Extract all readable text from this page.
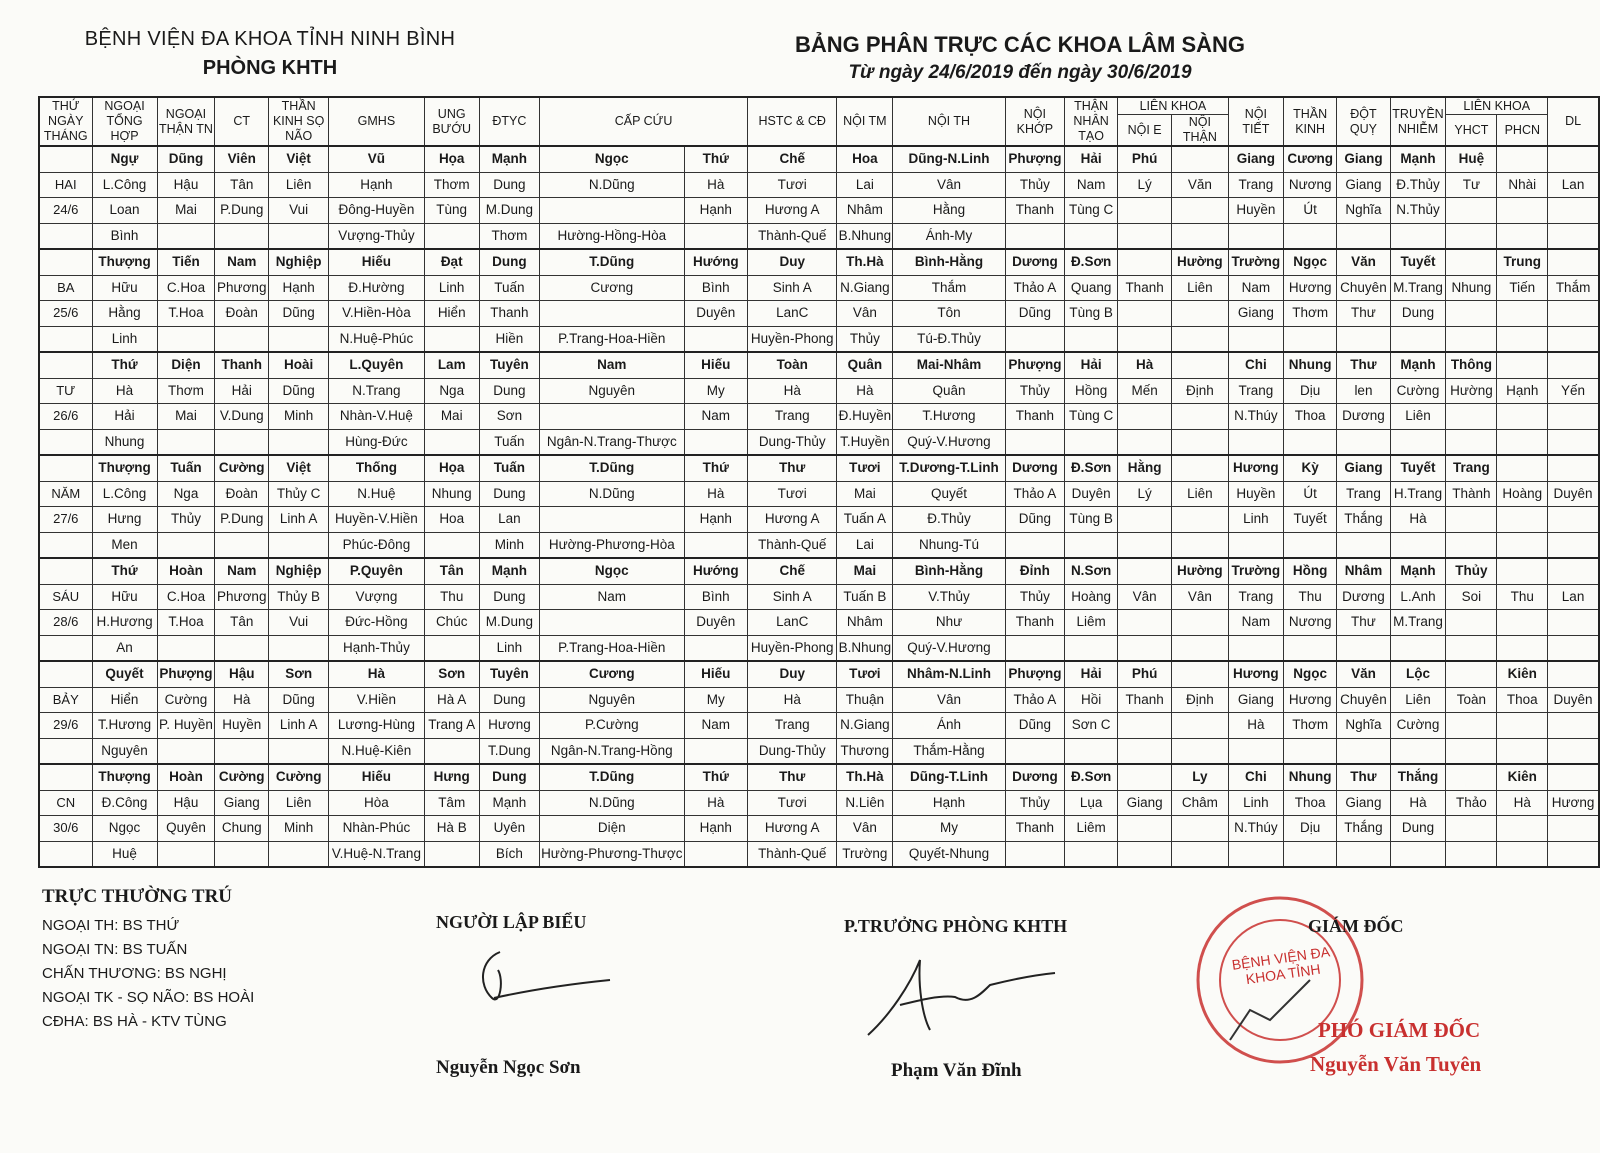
BỆNH VIỆN ĐA KHOA TỈNH NINH BÌNH
PHÒNG KHTH
BẢNG PHÂN TRỰC CÁC KHOA LÂM SÀNG
Từ ngày 24/6/2019 đến ngày 30/6/2019
THỨ NGÀY THÁNG	NGOẠI TỔNG HỢP	NGOẠI THẬN TN	CT	THẦN KINH SỌ NÃO	GMHS	UNG BƯỚU	ĐTYC	CẤP CỨU		HSTC & CĐ	NỘI TM	NỘI TH	NỘI KHỚP	THẬN NHÂN TẠO	LIÊN KHOA		NỘI TIẾT	THẦN KINH	ĐỘT QUỴ	TRUYỀN NHIỄM	LIÊN KHOA		DL
															NỘI E	NỘI THẬN					YHCT	PHCN	
	Ngự	Dũng	Viên	Việt	Vũ	Họa	Mạnh	Ngọc	Thứ	Chế	Hoa	Dũng-N.Linh	Phượng	Hải	Phú		Giang	Cương	Giang	Mạnh	Huệ		
HAI	L.Công	Hậu	Tân	Liên	Hạnh	Thơm	Dung	N.Dũng	Hà	Tươi	Lai	Vân	Thủy	Nam	Lý	Văn	Trang	Nương	Giang	Đ.Thủy	Tư	Nhài	Lan
24/6	Loan	Mai	P.Dung	Vui	Đông-Huyền	Tùng	M.Dung		Hạnh	Hương A	Nhâm	Hằng	Thanh	Tùng C			Huyền	Út	Nghĩa	N.Thủy			
	Bình				Vượng-Thủy		Thơm	Hường-Hồng-Hòa		Thành-Quế	B.Nhung	Ánh-My											
	Thượng	Tiến	Nam	Nghiệp	Hiếu	Đạt	Dung	T.Dũng	Hướng	Duy	Th.Hà	Bình-Hằng	Dương	Đ.Sơn		Hường	Trường	Ngọc	Văn	Tuyết		Trung	
BA	Hữu	C.Hoa	Phương	Hạnh	Đ.Hường	Linh	Tuấn	Cương	Bình	Sinh A	N.Giang	Thắm	Thảo A	Quang	Thanh	Liên	Nam	Hương	Chuyên	M.Trang	Nhung	Tiến	Thắm
25/6	Hằng	T.Hoa	Đoàn	Dũng	V.Hiền-Hòa	Hiển	Thanh		Duyên	LanC	Vân	Tôn	Dũng	Tùng B			Giang	Thơm	Thư	Dung			
	Linh				N.Huệ-Phúc		Hiền	P.Trang-Hoa-Hiền		Huyền-Phong	Thủy	Tú-Đ.Thủy											
	Thứ	Diện	Thanh	Hoài	L.Quyên	Lam	Tuyên	Nam	Hiếu	Toàn	Quân	Mai-Nhâm	Phượng	Hải	Hà		Chi	Nhung	Thư	Mạnh	Thông		
TƯ	Hà	Thơm	Hải	Dũng	N.Trang	Nga	Dung	Nguyên	My	Hà	Hà	Quân	Thủy	Hồng	Mến	Định	Trang	Dịu	len	Cường	Hường	Hạnh	Yến
26/6	Hải	Mai	V.Dung	Minh	Nhàn-V.Huệ	Mai	Sơn		Nam	Trang	Đ.Huyền	T.Hương	Thanh	Tùng C			N.Thúy	Thoa	Dương	Liên			
	Nhung				Hùng-Đức		Tuấn	Ngân-N.Trang-Thược		Dung-Thủy	T.Huyền	Quý-V.Hương											
	Thượng	Tuấn	Cường	Việt	Thống	Họa	Tuấn	T.Dũng	Thứ	Thư	Tươi	T.Dương-T.Linh	Dương	Đ.Sơn	Hằng		Hương	Kỳ	Giang	Tuyết	Trang		
NĂM	L.Công	Nga	Đoàn	Thủy C	N.Huệ	Nhung	Dung	N.Dũng	Hà	Tươi	Mai	Quyết	Thảo A	Duyên	Lý	Liên	Huyền	Út	Trang	H.Trang	Thành	Hoàng	Duyên
27/6	Hưng	Thủy	P.Dung	Linh A	Huyền-V.Hiền	Hoa	Lan		Hạnh	Hương A	Tuấn A	Đ.Thủy	Dũng	Tùng B			Linh	Tuyết	Thắng	Hà			
	Men				Phúc-Đông		Minh	Hường-Phương-Hòa		Thành-Quế	Lai	Nhung-Tú											
	Thứ	Hoàn	Nam	Nghiệp	P.Quyên	Tân	Mạnh	Ngọc	Hướng	Chế	Mai	Bình-Hằng	Đỉnh	N.Sơn		Hường	Trường	Hồng	Nhâm	Mạnh	Thủy		
SÁU	Hữu	C.Hoa	Phương	Thủy B	Vượng	Thu	Dung	Nam	Bình	Sinh A	Tuấn B	V.Thủy	Thủy	Hoàng	Vân	Vân	Trang	Thu	Dương	L.Anh	Soi	Thu	Lan
28/6	H.Hương	T.Hoa	Tân	Vui	Đức-Hồng	Chúc	M.Dung		Duyên	LanC	Nhâm	Như	Thanh	Liêm			Nam	Nương	Thư	M.Trang			
	An				Hạnh-Thủy		Linh	P.Trang-Hoa-Hiền		Huyền-Phong	B.Nhung	Quý-V.Hương											
	Quyết	Phượng	Hậu	Sơn	Hà	Sơn	Tuyên	Cương	Hiếu	Duy	Tươi	Nhâm-N.Linh	Phượng	Hải	Phú		Hương	Ngọc	Văn	Lộc		Kiên	
BẢY	Hiển	Cường	Hà	Dũng	V.Hiền	Hà A	Dung	Nguyên	My	Hà	Thuận	Vân	Thảo A	Hồi	Thanh	Định	Giang	Hương	Chuyên	Liên	Toàn	Thoa	Duyên
29/6	T.Hương	P. Huyền	Huyền	Linh A	Lương-Hùng	Trang A	Hương	P.Cường	Nam	Trang	N.Giang	Ánh	Dũng	Sơn C			Hà	Thơm	Nghĩa	Cường			
	Nguyên				N.Huệ-Kiên		T.Dung	Ngân-N.Trang-Hồng		Dung-Thủy	Thương	Thắm-Hằng											
	Thượng	Hoàn	Cường	Cường	Hiếu	Hưng	Dung	T.Dũng	Thứ	Thư	Th.Hà	Dũng-T.Linh	Dương	Đ.Sơn		Ly	Chi	Nhung	Thư	Thắng		Kiên	
CN	Đ.Công	Hậu	Giang	Liên	Hòa	Tâm	Mạnh	N.Dũng	Hà	Tươi	N.Liên	Hạnh	Thủy	Lụa	Giang	Châm	Linh	Thoa	Giang	Hà	Thảo	Hà	Hương
30/6	Ngọc	Quyên	Chung	Minh	Nhàn-Phúc	Hà B	Uyên	Diện	Hạnh	Hương A	Vân	My	Thanh	Liêm			N.Thúy	Dịu	Thắng	Dung			
	Huệ				V.Huệ-N.Trang		Bích	Hường-Phương-Thược		Thành-Quế	Trường	Quyết-Nhung											
TRỰC THƯỜNG TRÚ
NGOẠI TH: BS THỨ
NGOẠI TN: BS TUẤN
CHẤN THƯƠNG: BS NGHỊ
NGOẠI TK - SỌ NÃO: BS HOÀI
CĐHA: BS HÀ - KTV TÙNG
NGƯỜI LẬP BIỂU
Nguyễn Ngọc Sơn
P.TRƯỞNG PHÒNG KHTH
Phạm Văn Đĩnh
BỆNH VIỆN ĐA KHOA TỈNH
GIÁM ĐỐC
PHÓ GIÁM ĐỐC
Nguyễn Văn Tuyên
